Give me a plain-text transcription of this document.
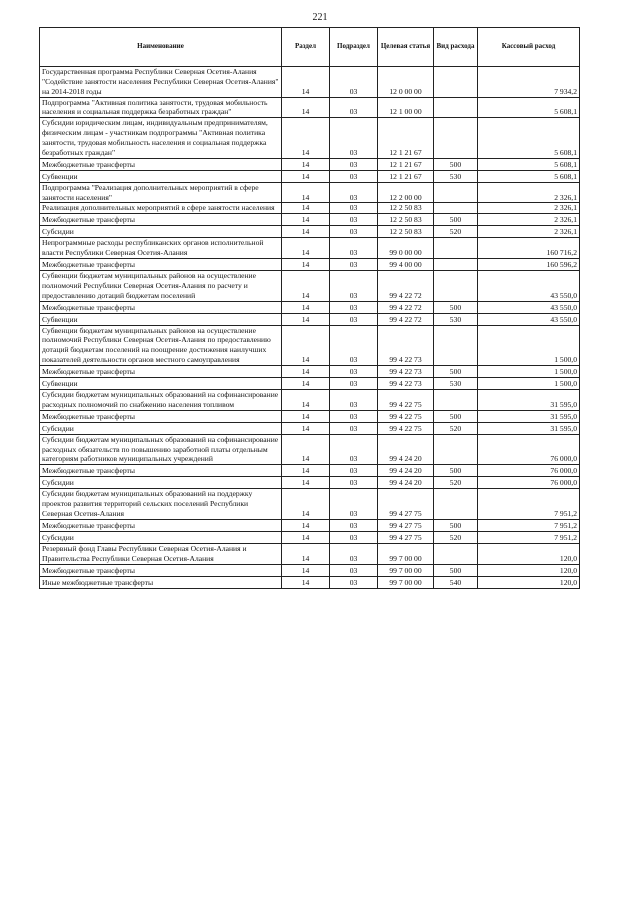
221
Наименование	Раздел	Подраздел	Целевая статья	Вид расхода	Кассовый расход
Государственная программа Республики Северная Осетия-Алания "Содействие занятости населения Республики Северная Осетия-Алания" на 2014-2018 годы	14	03	12 0 00 00		7 934,2
Подпрограмма "Активная политика занятости, трудовая мобильность населения и социальная поддержка безработных граждан"	14	03	12 1 00 00		5 608,1
Субсидии юридическим лицам, индивидуальным предпринимателям, физическим лицам - участникам подпрограммы "Активная политика занятости, трудовая мобильность населения и социальная поддержка безработных граждан"	14	03	12 1 21 67		5 608,1
Межбюджетные трансферты	14	03	12 1 21 67	500	5 608,1
Субвенции	14	03	12 1 21 67	530	5 608,1
Подпрограмма "Реализация дополнительных мероприятий в сфере занятости населения"	14	03	12 2 00 00		2 326,1
Реализация дополнительных мероприятий в сфере занятости населения	14	03	12 2 50 83		2 326,1
Межбюджетные трансферты	14	03	12 2 50 83	500	2 326,1
Субсидии	14	03	12 2 50 83	520	2 326,1
Непрограммные расходы республиканских органов исполнительной власти Республики Северная Осетия-Алания	14	03	99 0 00 00		160 716,2
Межбюджетные трансферты	14	03	99 4 00 00		160 596,2
Субвенции бюджетам муниципальных районов на осуществление полномочий Республики Северная Осетия-Алания по расчету и предоставлению дотаций бюджетам поселений	14	03	99 4 22 72		43 550,0
Межбюджетные трансферты	14	03	99 4 22 72	500	43 550,0
Субвенции	14	03	99 4 22 72	530	43 550,0
Субвенции бюджетам муниципальных районов на осуществление полномочий Республики Северная Осетия-Алания по предоставлению дотаций бюджетам поселений на поощрение достижения наилучших показателей деятельности органов местного самоуправления	14	03	99 4 22 73		1 500,0
Межбюджетные трансферты	14	03	99 4 22 73	500	1 500,0
Субвенции	14	03	99 4 22 73	530	1 500,0
Субсидии бюджетам муниципальных образований на софинансирование расходных полномочий по снабжению населения топливом	14	03	99 4 22 75		31 595,0
Межбюджетные трансферты	14	03	99 4 22 75	500	31 595,0
Субсидии	14	03	99 4 22 75	520	31 595,0
Субсидии бюджетам муниципальных образований на софинансирование расходных обязательств по повышению заработной платы отдельным категориям работников муниципальных учреждений	14	03	99 4 24 20		76 000,0
Межбюджетные трансферты	14	03	99 4 24 20	500	76 000,0
Субсидии	14	03	99 4 24 20	520	76 000,0
Субсидии бюджетам муниципальных образований на поддержку проектов развития территорий сельских поселений Республики Северная Осетия-Алания	14	03	99 4 27 75		7 951,2
Межбюджетные трансферты	14	03	99 4 27 75	500	7 951,2
Субсидии	14	03	99 4 27 75	520	7 951,2
Резервный фонд Главы Республики Северная Осетия-Алания и Правительства Республики Северная Осетия-Алания	14	03	99 7 00 00		120,0
Межбюджетные трансферты	14	03	99 7 00 00	500	120,0
Иные межбюджетные трансферты	14	03	99 7 00 00	540	120,0
